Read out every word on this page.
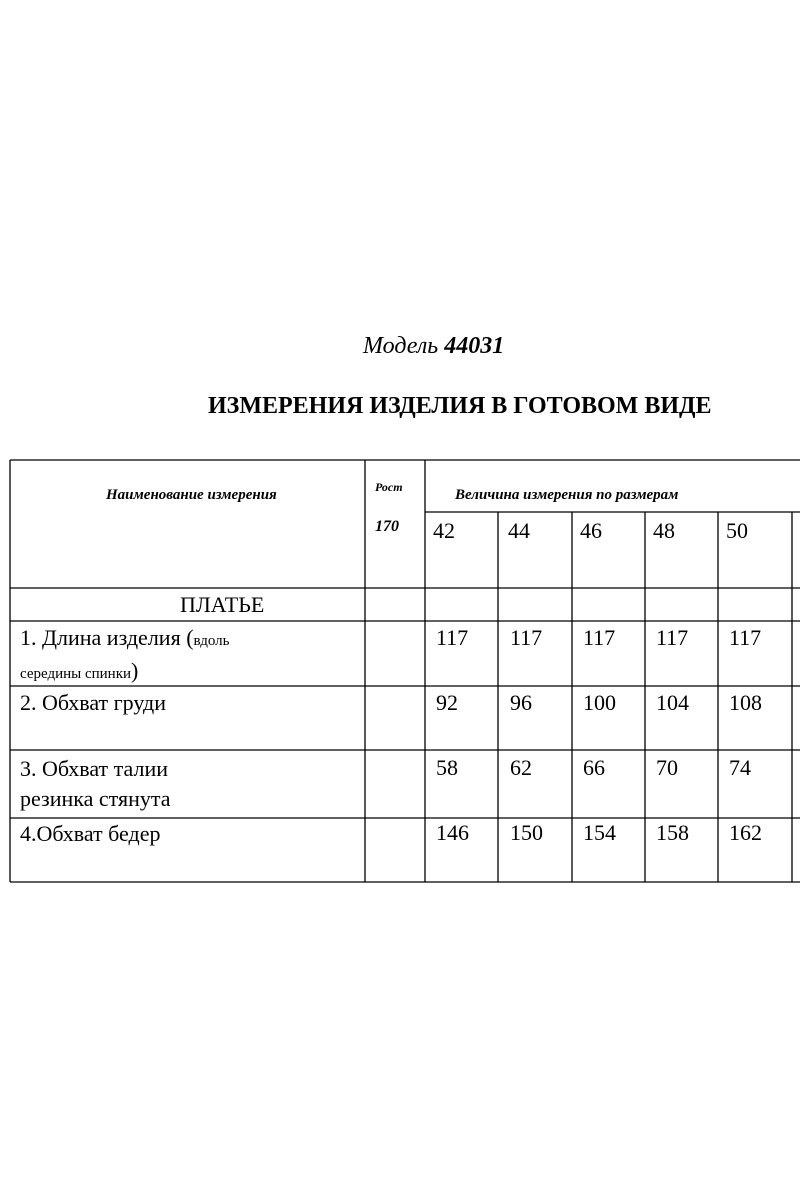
Модель 44031
ИЗМЕРЕНИЯ ИЗДЕЛИЯ В ГОТОВОМ ВИДЕ
Наименование измерения	Рост
170
Величина измерения по размерам
42 44 46 48 50
ПЛАТЬЕ
1. Длина изделия (вдоль
середины спинки)
117 117 117 117 117
2. Обхват груди	92 96 100 104 108
3. Обхват талии
резинка стянута
58 62 66 70 74
4.Обхват бедер	146 150 154 158 162
